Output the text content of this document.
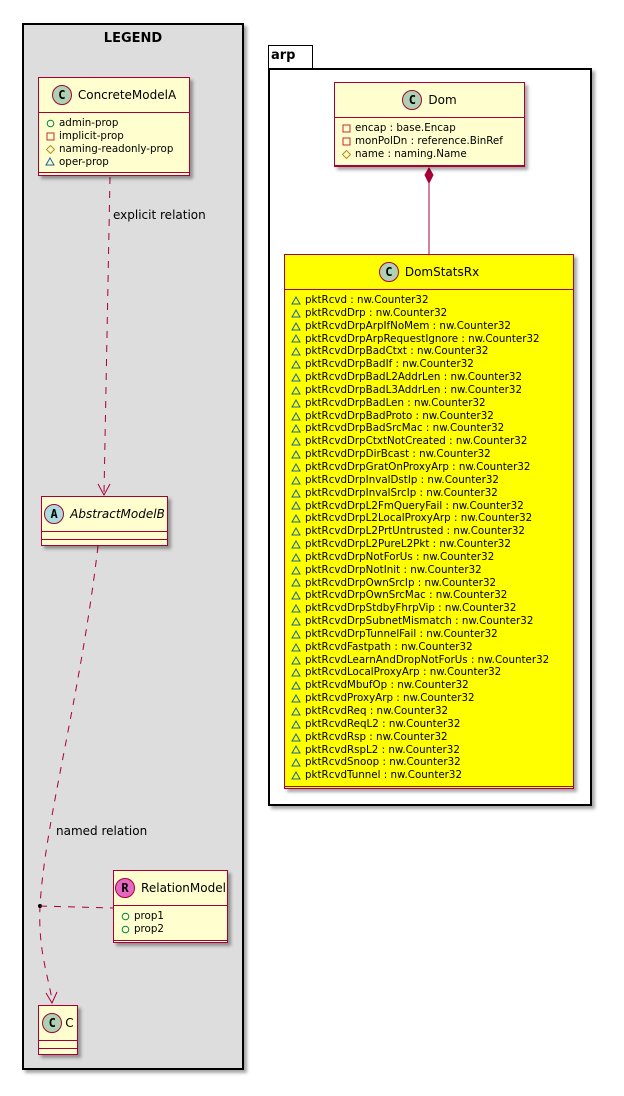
LEGEND
arp
explicit relation
named relation
C	ConcreteModelA
admin-prop
implicit-prop
naming-readonly-prop
oper-prop
A	AbstractModelB
R	RelationModel
prop1
prop2
C C
C	Dom
encap : base.Encap
monPolDn : reference.BinRef
name : naming.Name
C	DomStatsRx
pktRcvd : nw.Counter32
pktRcvdDrp : nw.Counter32
pktRcvdDrpArpIfNoMem : nw.Counter32
pktRcvdDrpArpRequestIgnore : nw.Counter32
pktRcvdDrpBadCtxt : nw.Counter32
pktRcvdDrpBadIf : nw.Counter32
pktRcvdDrpBadL2AddrLen : nw.Counter32
pktRcvdDrpBadL3AddrLen : nw.Counter32
pktRcvdDrpBadLen : nw.Counter32
pktRcvdDrpBadProto : nw.Counter32
pktRcvdDrpBadSrcMac : nw.Counter32
pktRcvdDrpCtxtNotCreated : nw.Counter32
pktRcvdDrpDirBcast : nw.Counter32
pktRcvdDrpGratOnProxyArp : nw.Counter32
pktRcvdDrpInvalDstIp : nw.Counter32
pktRcvdDrpInvalSrcIp : nw.Counter32
pktRcvdDrpL2FmQueryFail : nw.Counter32
pktRcvdDrpL2LocalProxyArp : nw.Counter32
pktRcvdDrpL2PrtUntrusted : nw.Counter32
pktRcvdDrpL2PureL2Pkt : nw.Counter32
pktRcvdDrpNotForUs : nw.Counter32
pktRcvdDrpNotInit : nw.Counter32
pktRcvdDrpOwnSrcIp : nw.Counter32
pktRcvdDrpOwnSrcMac : nw.Counter32
pktRcvdDrpStdbyFhrpVip : nw.Counter32
pktRcvdDrpSubnetMismatch : nw.Counter32
pktRcvdDrpTunnelFail : nw.Counter32
pktRcvdFastpath : nw.Counter32
pktRcvdLearnAndDropNotForUs : nw.Counter32
pktRcvdLocalProxyArp : nw.Counter32
pktRcvdMbufOp : nw.Counter32
pktRcvdProxyArp : nw.Counter32
pktRcvdReq : nw.Counter32
pktRcvdReqL2 : nw.Counter32
pktRcvdRsp : nw.Counter32
pktRcvdRspL2 : nw.Counter32
pktRcvdSnoop : nw.Counter32
pktRcvdTunnel : nw.Counter32
